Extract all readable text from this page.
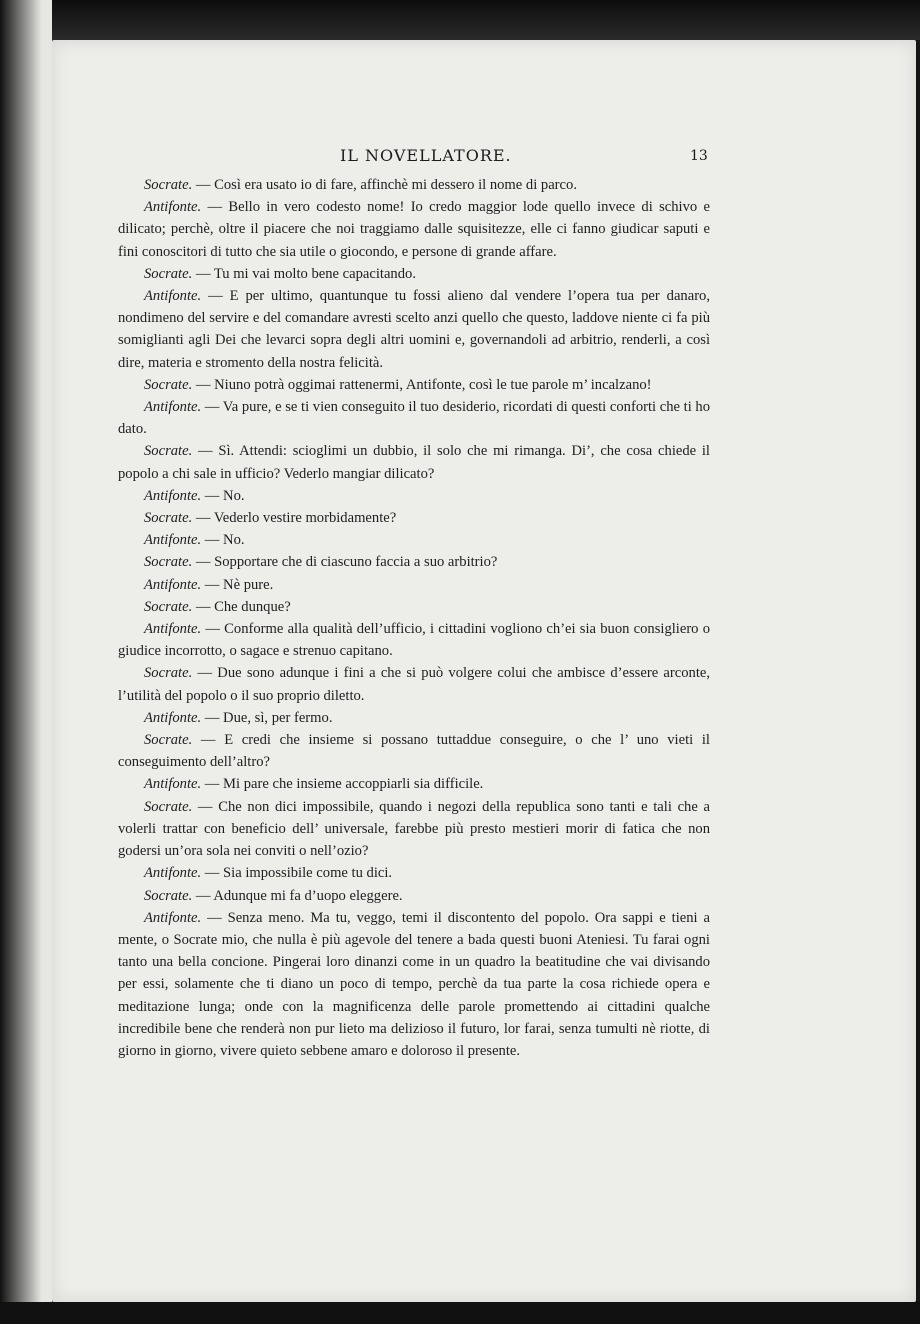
IL NOVELLATORE.	13

Socrate. — Così era usato io di fare, affinchè mi dessero il nome di parco.

Antifonte. — Bello in vero codesto nome! Io credo maggior lode quello invece di schivo e dilicato; perchè, oltre il piacere che noi traggiamo dalle squisitezze, elle ci fanno giudicar saputi e fini conoscitori di tutto che sia utile o giocondo, e persone di grande affare.

Socrate. — Tu mi vai molto bene capacitando.

Antifonte. — E per ultimo, quantunque tu fossi alieno dal vendere l’opera tua per danaro, nondimeno del servire e del comandare avresti scelto anzi quello che questo, laddove niente ci fa più somiglianti agli Dei che levarci sopra degli altri uomini e, governandoli ad arbitrio, renderli, a così dire, materia e stromento della nostra felicità.

Socrate. — Niuno potrà oggimai rattenermi, Antifonte, così le tue parole m’ incalzano!

Antifonte. — Va pure, e se ti vien conseguito il tuo desiderio, ricordati di questi conforti che ti ho dato.

Socrate. — Sì. Attendi: scioglimi un dubbio, il solo che mi rimanga. Di’, che cosa chiede il popolo a chi sale in ufficio? Vederlo mangiar dilicato?

Antifonte. — No.

Socrate. — Vederlo vestire morbidamente?

Antifonte. — No.

Socrate. — Sopportare che di ciascuno faccia a suo arbitrio?

Antifonte. — Nè pure.

Socrate. — Che dunque?

Antifonte. — Conforme alla qualità dell’ufficio, i cittadini vogliono ch’ei sia buon consigliero o giudice incorrotto, o sagace e strenuo capitano.

Socrate. — Due sono adunque i fini a che si può volgere colui che ambisce d’essere arconte, l’utilità del popolo o il suo proprio diletto.

Antifonte. — Due, sì, per fermo.

Socrate. — E credi che insieme si possano tuttaddue conseguire, o che l’ uno vieti il conseguimento dell’altro?

Antifonte. — Mi pare che insieme accoppiarli sia difficile.

Socrate. — Che non dici impossibile, quando i negozi della republica sono tanti e tali che a volerli trattar con beneficio dell’ universale, farebbe più presto mestieri morir di fatica che non godersi un’ora sola nei conviti o nell’ozio?

Antifonte. — Sia impossibile come tu dici.

Socrate. — Adunque mi fa d’uopo eleggere.

Antifonte. — Senza meno. Ma tu, veggo, temi il discontento del popolo. Ora sappi e tieni a mente, o Socrate mio, che nulla è più agevole del tenere a bada questi buoni Ateniesi. Tu farai ogni tanto una bella concione. Pingerai loro dinanzi come in un quadro la beatitudine che vai divisando per essi, solamente che ti diano un poco di tempo, perchè da tua parte la cosa richiede opera e meditazione lunga; onde con la magnificenza delle parole promettendo ai cittadini qualche incredibile bene che renderà non pur lieto ma delizioso il futuro, lor farai, senza tumulti nè riotte, di giorno in giorno, vivere quieto sebbene amaro e doloroso il presente.
